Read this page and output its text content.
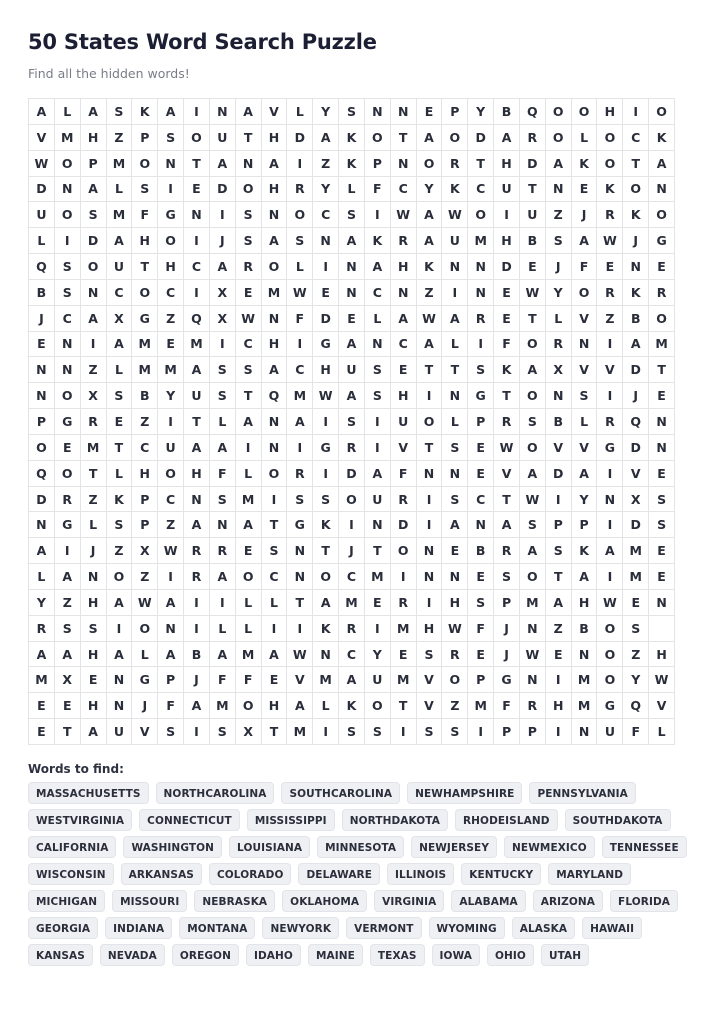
50 States Word Search Puzzle

Find all the hidden words!

A	L	A	S	K	A	I	N	A	V	L	Y	S	N	N	E	P	Y	B	Q	O	O	H	I	O
V	M	H	Z	P	S	O	U	T	H	D	A	K	O	T	A	O	D	A	R	O	L	O	C	K
W	O	P	M	O	N	T	A	N	A	I	Z	K	P	N	O	R	T	H	D	A	K	O	T	A
D	N	A	L	S	I	E	D	O	H	R	Y	L	F	C	Y	K	C	U	T	N	E	K	O	N
U	O	S	M	F	G	N	I	S	N	O	C	S	I	W	A	W	O	I	U	Z	J	R	K	O
L	I	D	A	H	O	I	J	S	A	S	N	A	K	R	A	U	M	H	B	S	A	W	J	G
Q	S	O	U	T	H	C	A	R	O	L	I	N	A	H	K	N	N	D	E	J	F	E	N	E
B	S	N	C	O	C	I	X	E	M	W	E	N	C	N	Z	I	N	E	W	Y	O	R	K	R
J	C	A	X	G	Z	Q	X	W	N	F	D	E	L	A	W	A	R	E	T	L	V	Z	B	O
E	N	I	A	M	E	M	I	C	H	I	G	A	N	C	A	L	I	F	O	R	N	I	A	M
N	N	Z	L	M	M	A	S	S	A	C	H	U	S	E	T	T	S	K	A	X	V	V	D	T
N	O	X	S	B	Y	U	S	T	Q	M	W	A	S	H	I	N	G	T	O	N	S	I	J	E
P	G	R	E	Z	I	T	L	A	N	A	I	S	I	U	O	L	P	R	S	B	L	R	Q	N
O	E	M	T	C	U	A	A	I	N	I	G	R	I	V	T	S	E	W	O	V	V	G	D	N
Q	O	T	L	H	O	H	F	L	O	R	I	D	A	F	N	N	E	V	A	D	A	I	V	E
D	R	Z	K	P	C	N	S	M	I	S	S	O	U	R	I	S	C	T	W	I	Y	N	X	S
N	G	L	S	P	Z	A	N	A	T	G	K	I	N	D	I	A	N	A	S	P	P	I	D	S
A	I	J	Z	X	W	R	R	E	S	N	T	J	T	O	N	E	B	R	A	S	K	A	M	E
L	A	N	O	Z	I	R	A	O	C	N	O	C	M	I	N	N	E	S	O	T	A	I	M	E
Y	Z	H	A	W	A	I	I	L	L	T	A	M	E	R	I	H	S	P	M	A	H	W	E	N
R	S	S	I	O	N	I	L	L	I	I	K	R	I	M	H	W	F	J	N	Z	B	O	S
A	A	H	A	L	A	B	A	M	A	W	N	C	Y	E	S	R	E	J	W	E	N	O	Z	H
M	X	E	N	G	P	J	F	F	E	V	M	A	U	M	V	O	P	G	N	I	M	O	Y	W
E	E	H	N	J	F	A	M	O	H	A	L	K	O	T	V	Z	M	F	R	H	M	G	Q	V
E	T	A	U	V	S	I	S	X	T	M	I	S	S	I	S	S	I	P	P	I	N	U	F	L
Words to find:
MASSACHUSETTS	NORTHCAROLINA	SOUTHCAROLINA	NEWHAMPSHIRE	PENNSYLVANIA
WESTVIRGINIA	CONNECTICUT	MISSISSIPPI	NORTHDAKOTA	RHODEISLAND	SOUTHDAKOTA
CALIFORNIA	WASHINGTON	LOUISIANA	MINNESOTA	NEWJERSEY	NEWMEXICO	TENNESSEE
WISCONSIN	ARKANSAS	COLORADO	DELAWARE	ILLINOIS	KENTUCKY	MARYLAND
MICHIGAN	MISSOURI	NEBRASKA	OKLAHOMA	VIRGINIA	ALABAMA	ARIZONA	FLORIDA
GEORGIA	INDIANA	MONTANA	NEWYORK	VERMONT	WYOMING	ALASKA	HAWAII
KANSAS	NEVADA	OREGON	IDAHO	MAINE	TEXAS	IOWA	OHIO	UTAH
